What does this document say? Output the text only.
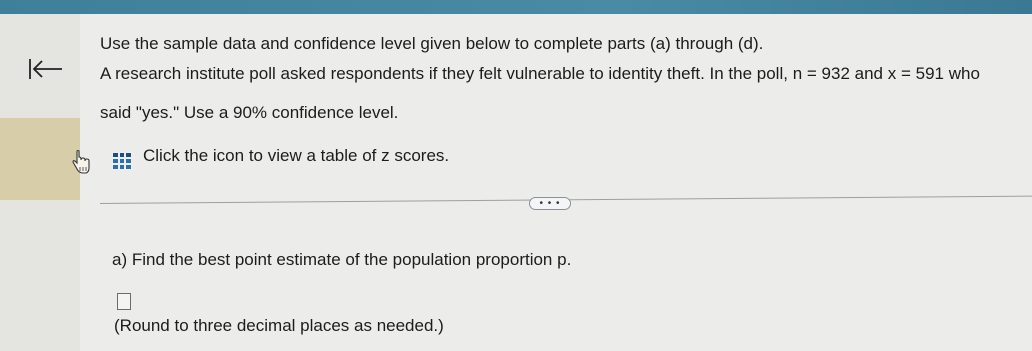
Use the sample data and confidence level given below to complete parts (a) through (d).
A research institute poll asked respondents if they felt vulnerable to identity theft. In the poll, n = 932 and x = 591 who
said "yes." Use a 90% confidence level.
Click the icon to view a table of z scores.
• • •
a) Find the best point estimate of the population proportion p.
(Round to three decimal places as needed.)
